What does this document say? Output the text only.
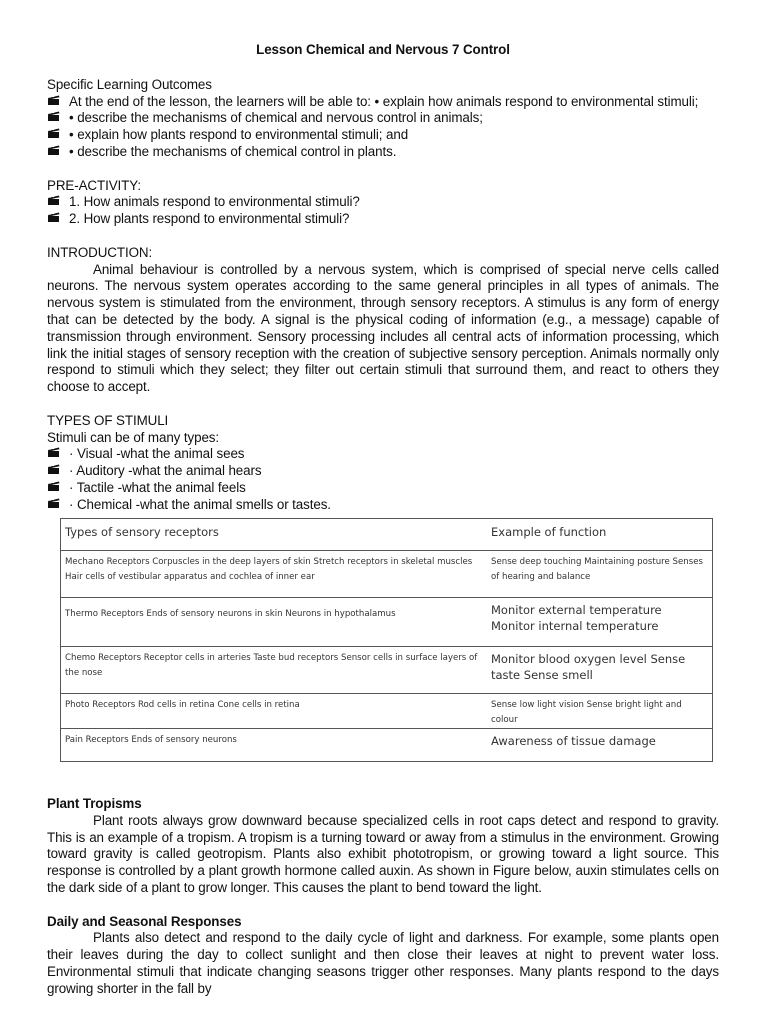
Lesson Chemical and Nervous 7 Control

Specific Learning Outcomes

At the end of the lesson, the learners will be able to: • explain how animals respond to environmental stimuli;
• describe the mechanisms of chemical and nervous control in animals;
• explain how plants respond to environmental stimuli; and
• describe the mechanisms of chemical control in plants.

PRE-ACTIVITY:

1. How animals respond to environmental stimuli?
2. How plants respond to environmental stimuli?

INTRODUCTION:

Animal behaviour is controlled by a nervous system, which is comprised of special nerve cells called neurons. The nervous system operates according to the same general principles in all types of animals. The nervous system is stimulated from the environment, through sensory receptors. A stimulus is any form of energy that can be detected by the body. A signal is the physical coding of information (e.g., a message) capable of transmission through environment. Sensory processing includes all central acts of information processing, which link the initial stages of sensory reception with the creation of subjective sensory perception. Animals normally only respond to stimuli which they select; they filter out certain stimuli that surround them, and react to others they choose to accept.

TYPES OF STIMULI

Stimuli can be of many types:

· Visual -what the animal sees
· Auditory -what the animal hears
· Tactile -what the animal feels
· Chemical -what the animal smells or tastes.
Types of sensory receptors	Example of function

Mechano Receptors Corpuscles in the deep layers of skin Stretch receptors in skeletal muscles Hair cells of vestibular apparatus and cochlea of inner ear	Sense deep touching Maintaining posture Senses of hearing and balance

Thermo Receptors Ends of sensory neurons in skin Neurons in hypothalamus	Monitor external temperature Monitor internal temperature

Chemo Receptors Receptor cells in arteries Taste bud receptors Sensor cells in surface layers of the nose	Monitor blood oxygen level Sense taste Sense smell

Photo Receptors Rod cells in retina Cone cells in retina	Sense low light vision Sense bright light and colour

Pain Receptors Ends of sensory neurons	Awareness of tissue damage

Plant Tropisms

Plant roots always grow downward because specialized cells in root caps detect and respond to gravity. This is an example of a tropism. A tropism is a turning toward or away from a stimulus in the environment. Growing toward gravity is called geotropism. Plants also exhibit phototropism, or growing toward a light source. This response is controlled by a plant growth hormone called auxin. As shown in Figure below, auxin stimulates cells on the dark side of a plant to grow longer. This causes the plant to bend toward the light.

Daily and Seasonal Responses

Plants also detect and respond to the daily cycle of light and darkness. For example, some plants open their leaves during the day to collect sunlight and then close their leaves at night to prevent water loss. Environmental stimuli that indicate changing seasons trigger other responses. Many plants respond to the days growing shorter in the fall by
